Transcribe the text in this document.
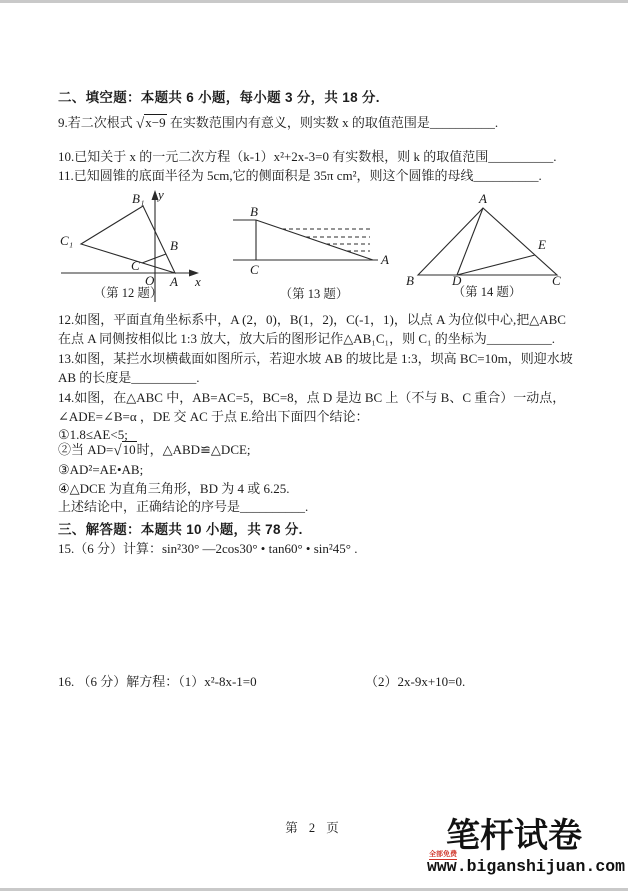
二、填空题：本题共 6 小题，每小题 3 分，共 18 分.
9.若二次根式 √x−9 在实数范围内有意义，则实数 x 的取值范围是__________.
10.已知关于 x 的一元二次方程（k-1）x²+2x-3=0 有实数根，则 k 的取值范围__________.
11.已知圆锥的底面半径为 5cm,它的侧面积是 35π cm²，则这个圆锥的母线__________.
y
x
O A
B₁
C₁	B
C
（第 12 题）
B
C
A
（第 13 题）
A
B	C
D
E
（第 14 题）
12.如图，平面直角坐标系中，A (2，0)，B(1，2)，C(-1，1)，以点 A 为位似中心,把△ABC
在点 A 同侧按相似比 1:3 放大，放大后的图形记作△AB₁C₁，则 C₁ 的坐标为__________.
13.如图，某拦水坝横截面如图所示，若迎水坡 AB 的坡比是 1:3，坝高 BC=10m，则迎水坡
AB 的长度是__________.
14.如图，在△ABC 中，AB=AC=5，BC=8，点 D 是边 BC 上（不与 B、C 重合）一动点，
∠ADE=∠B=α ，DE 交 AC 于点 E.给出下面四个结论：
①1.8≤AE<5;
②当 AD=√10时，△ABD≌△DCE;
③AD²=AE•AB;
④△DCE 为直角三角形，BD 为 4 或 6.25.
上述结论中，正确结论的序号是__________.
三、解答题：本题共 10 小题，共 78 分.
15.（6 分）计算：sin²30° —2cos30° • tan60° • sin²45° .
16. （6 分）解方程：（1）x²-8x-1=0	（2）2x-9x+10=0.
第 2 页	笔杆试卷
全部免费
www.biganshijuan.com
